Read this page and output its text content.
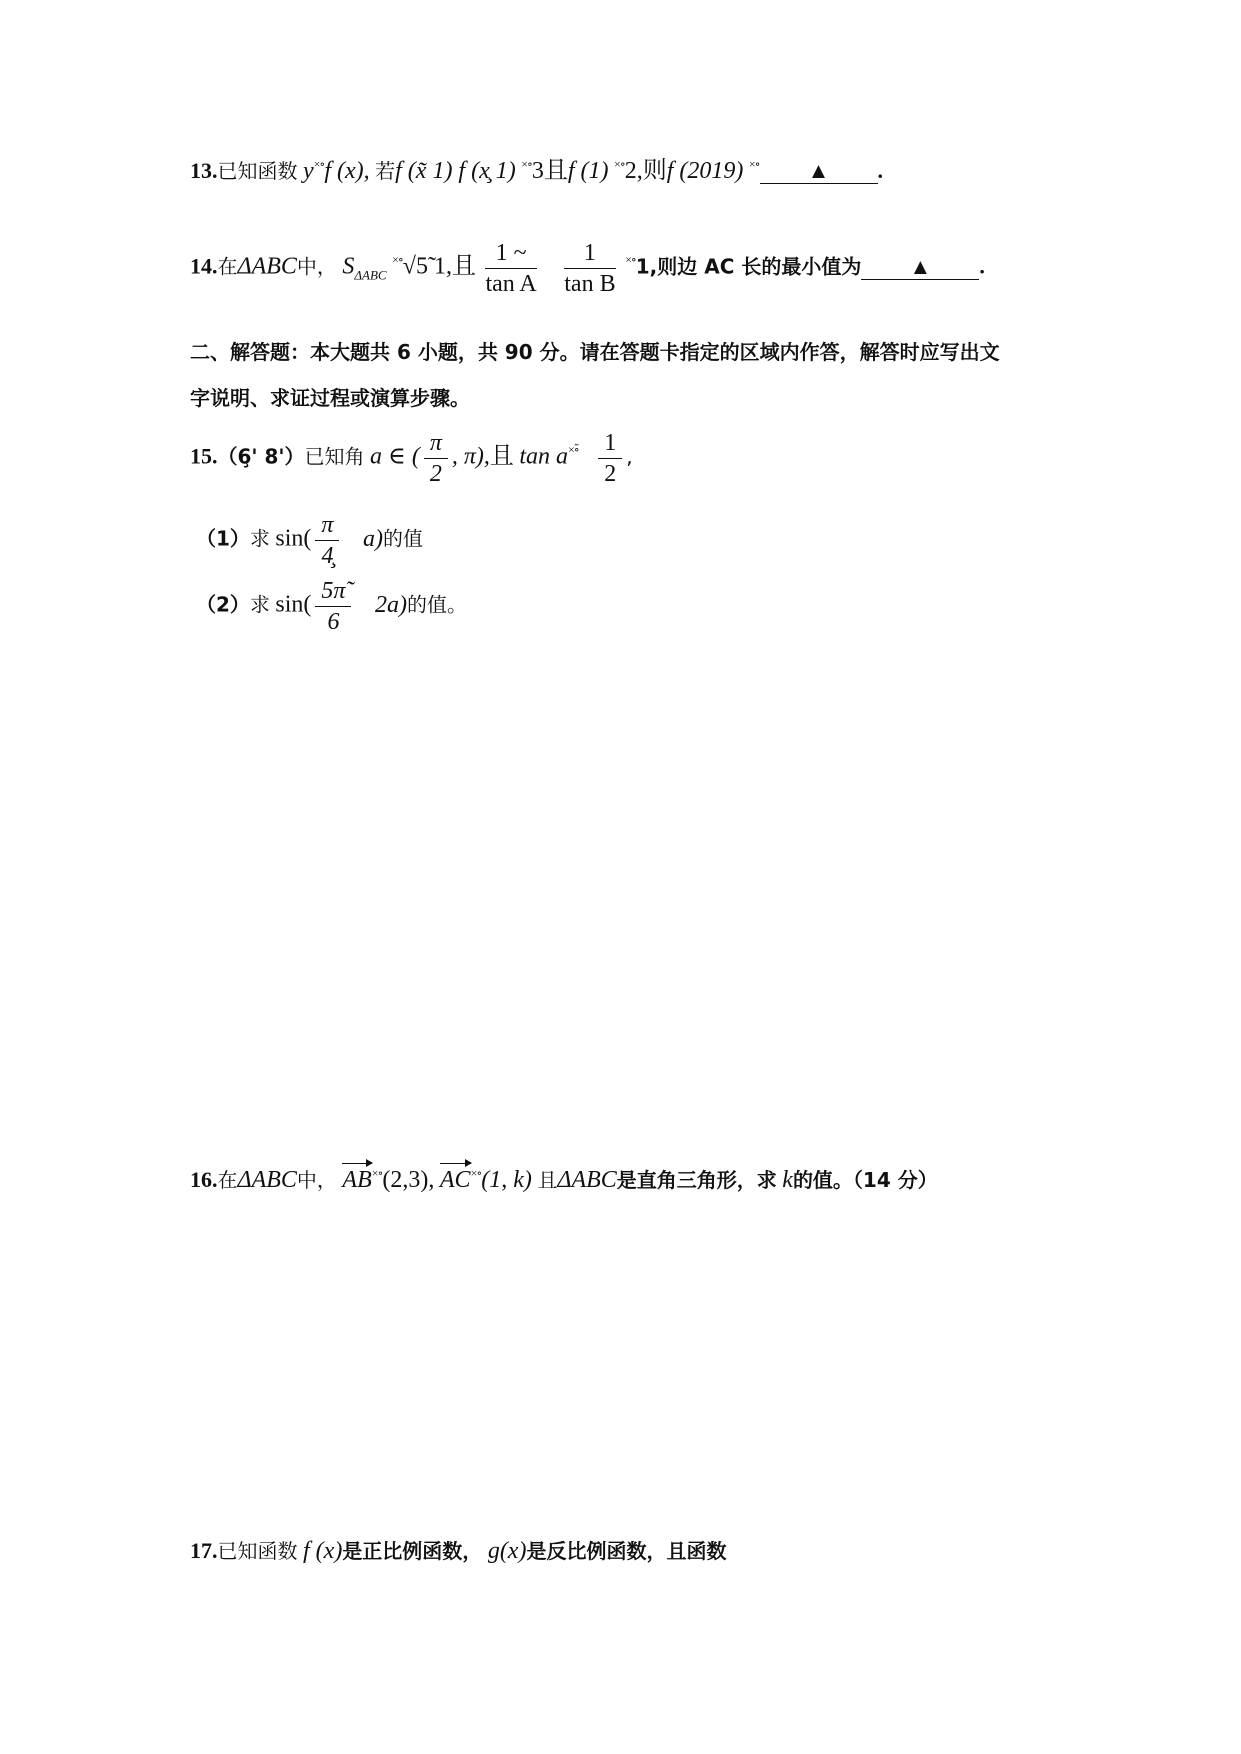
13.已知函数 y×∘f (x), 若f (x̃ 1) f (x̧ 1) ×∘3且f (1) ×∘2,则f (2019) ×∘ ▲ .
14.在ΔABC中， $S_{\Delta ABC}$ ×∘√5̃ 1,且 $\frac{1 \sim}{\text{tan A}}$
$\frac{1}{\text{tan B}} ^{\times\circ}1$,则边 AC 长的最小值为 ▲ .
二、解答题：本大题共 6 小题，共 90 分。请在答题卡指定的区域内作答，解答时应写出文
字说明、求证过程或演算步骤。
15.（6̧' 8'）已知角 a ∈ ( $\frac{\pi}{2}$ , π),且 $\tan a^{\times\circ̃} \frac{1}{2}$ ,
（1）求 $\sin( \frac{\pi}{4̧} a)$的值
（2）求 $\sin( \frac{5\pĩ}{6} 2a)$的值。
16.在ΔABC中， AB×∘(2,3), AC×∘(1, k) 且ΔABC是直角三角形，求 k的值。（14 分）
17.已知函数 f (x)是正比例函数， g(x)是反比例函数，且函数
